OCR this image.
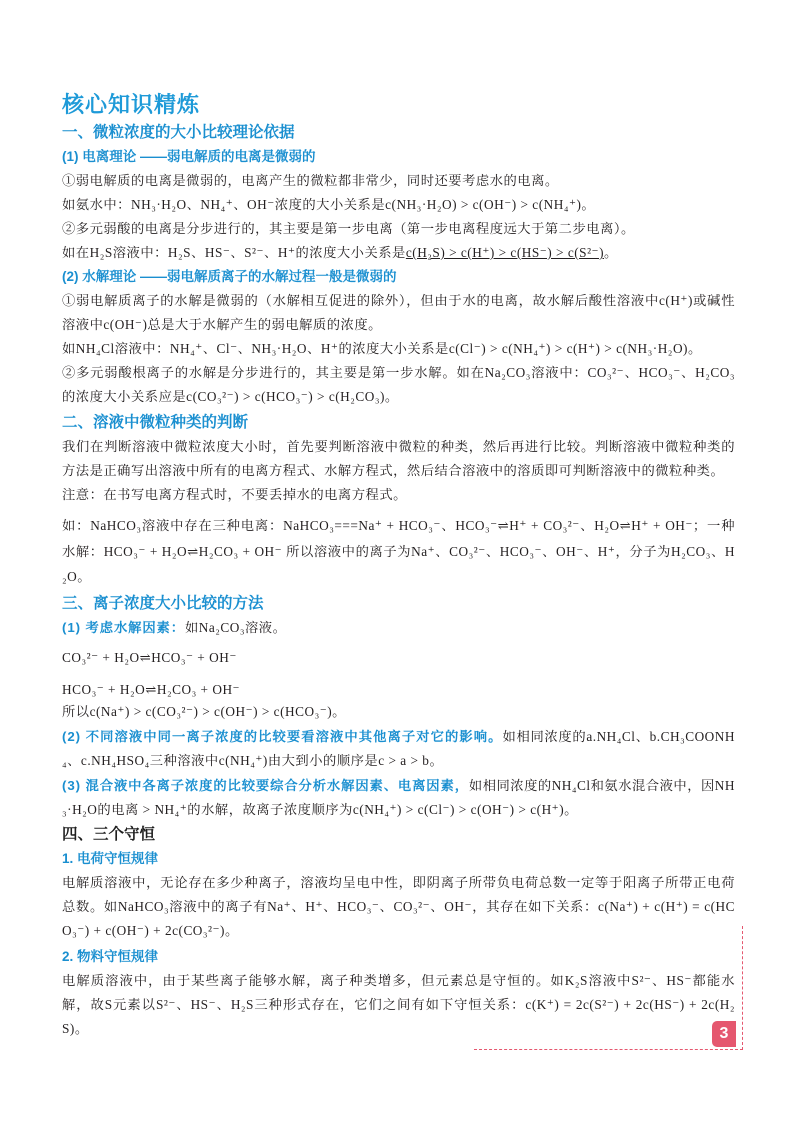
核心知识精炼
一、微粒浓度的大小比较理论依据
(1) 电离理论 ——弱电解质的电离是微弱的

①弱电解质的电离是微弱的，电离产生的微粒都非常少，同时还要考虑水的电离。

如氨水中：NH₃·H₂O、NH₄⁺、OH⁻浓度的大小关系是c(NH₃·H₂O) > c(OH⁻) > c(NH₄⁺)。

②多元弱酸的电离是分步进行的，其主要是第一步电离（第一步电离程度远大于第二步电离）。

如在H₂S溶液中：H₂S、HS⁻、S²⁻、H⁺的浓度大小关系是c(H₂S) > c(H⁺) > c(HS⁻) > c(S²⁻)。

(2) 水解理论 ——弱电解质离子的水解过程一般是微弱的

①弱电解质离子的水解是微弱的（水解相互促进的除外），但由于水的电离，故水解后酸性溶液中c(H⁺)或碱性溶液中c(OH⁻)总是大于水解产生的弱电解质的浓度。

如NH₄Cl溶液中：NH₄⁺、Cl⁻、NH₃·H₂O、H⁺的浓度大小关系是c(Cl⁻) > c(NH₄⁺) > c(H⁺) > c(NH₃·H₂O)。

②多元弱酸根离子的水解是分步进行的，其主要是第一步水解。如在Na₂CO₃溶液中：CO₃²⁻、HCO₃⁻、H₂CO₃的浓度大小关系应是c(CO₃²⁻) > c(HCO₃⁻) > c(H₂CO₃)。

二、溶液中微粒种类的判断

我们在判断溶液中微粒浓度大小时，首先要判断溶液中微粒的种类，然后再进行比较。判断溶液中微粒种类的方法是正确写出溶液中所有的电离方程式、水解方程式，然后结合溶液中的溶质即可判断溶液中的微粒种类。

注意：在书写电离方程式时，不要丢掉水的电离方程式。

如：NaHCO₃溶液中存在三种电离：NaHCO₃===Na⁺ + HCO₃⁻、HCO₃⁻⇌H⁺ + CO₃²⁻、H₂O⇌H⁺ + OH⁻；一种水解：HCO₃⁻ + H₂O⇌H₂CO₃ + OH⁻ 所以溶液中的离子为Na⁺、CO₃²⁻、HCO₃⁻、OH⁻、H⁺，分子为H₂CO₃、H₂O。

三、离子浓度大小比较的方法

(1) 考虑水解因素：如Na₂CO₃溶液。

CO₃²⁻ + H₂O⇌HCO₃⁻ + OH⁻

HCO₃⁻ + H₂O⇌H₂CO₃ + OH⁻

所以c(Na⁺) > c(CO₃²⁻) > c(OH⁻) > c(HCO₃⁻)。

(2) 不同溶液中同一离子浓度的比较要看溶液中其他离子对它的影响。如相同浓度的a.NH₄Cl、b.CH₃COONH₄、c.NH₄HSO₄三种溶液中c(NH₄⁺)由大到小的顺序是c > a > b。

(3) 混合液中各离子浓度的比较要综合分析水解因素、电离因素，如相同浓度的NH₄Cl和氨水混合液中，因NH₃·H₂O的电离 > NH₄⁺的水解，故离子浓度顺序为c(NH₄⁺) > c(Cl⁻) > c(OH⁻) > c(H⁺)。

四、三个守恒
1. 电荷守恒规律

电解质溶液中，无论存在多少种离子，溶液均呈电中性，即阴离子所带负电荷总数一定等于阳离子所带正电荷总数。如NaHCO₃溶液中的离子有Na⁺、H⁺、HCO₃⁻、CO₃²⁻、OH⁻，其存在如下关系：c(Na⁺) + c(H⁺) = c(HCO₃⁻) + c(OH⁻) + 2c(CO₃²⁻)。

2. 物料守恒规律

电解质溶液中，由于某些离子能够水解，离子种类增多，但元素总是守恒的。如K₂S溶液中S²⁻、HS⁻都能水解，故S元素以S²⁻、HS⁻、H₂S三种形式存在，它们之间有如下守恒关系：c(K⁺) = 2c(S²⁻) + 2c(HS⁻) + 2c(H₂S)。	3
